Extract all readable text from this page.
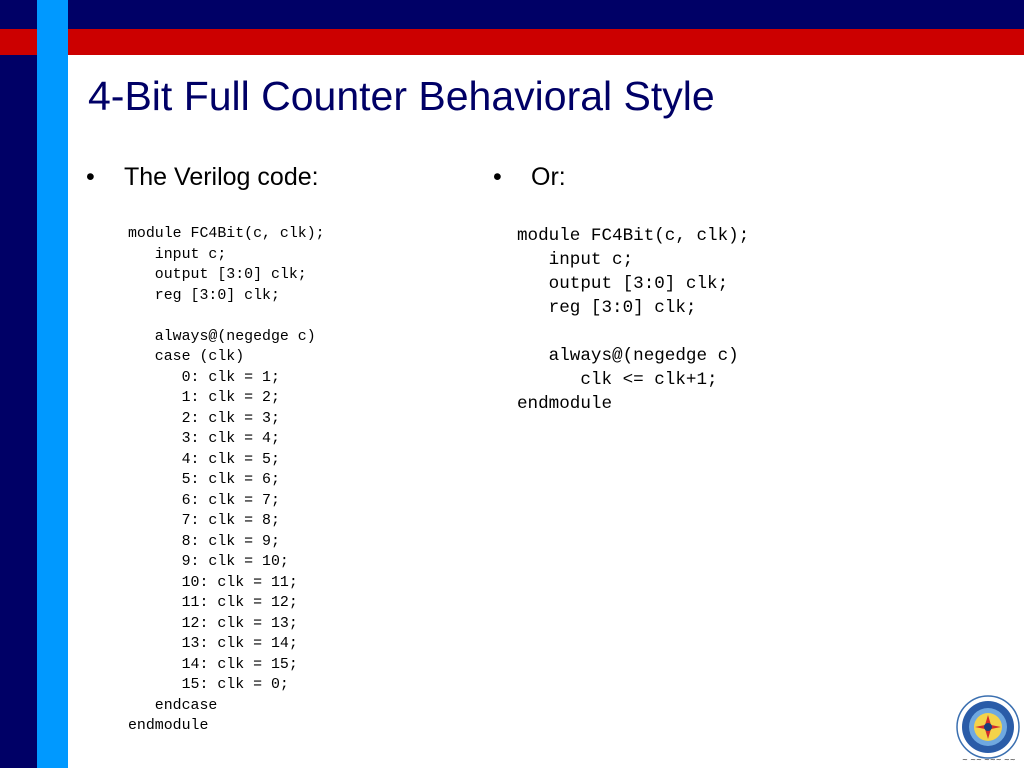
4-Bit Full Counter Behavioral Style
• The Verilog code:	• Or:
module FC4Bit(c, clk);
input c;
output [3:0] clk;
reg [3:0] clk;

always@(negedge c)
case (clk)
0: clk = 1;
1: clk = 2;
2: clk = 3;
3: clk = 4;
4: clk = 5;
5: clk = 6;
6: clk = 7;
7: clk = 8;
8: clk = 9;
9: clk = 10;
10: clk = 11;
11: clk = 12;
12: clk = 13;
13: clk = 14;
14: clk = 15;
15: clk = 0;
endcase
endmodule
module FC4Bit(c, clk);
input c;
output [3:0] clk;
reg [3:0] clk;

always@(negedge c)
clk <= clk+1;
endmodule
~ ~~ ~~~ ~~
